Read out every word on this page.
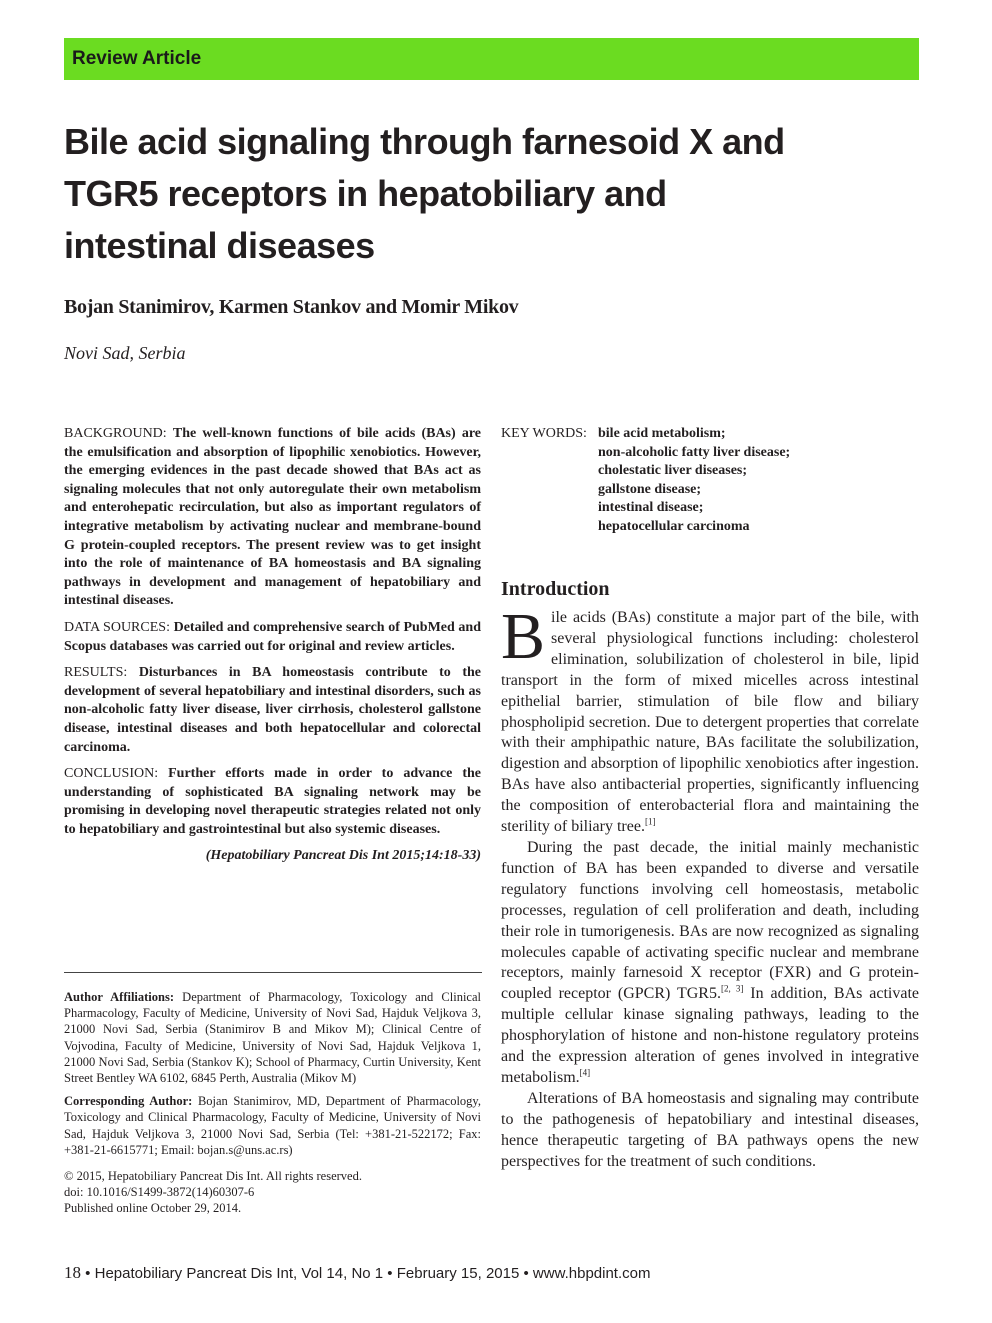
Review Article
Bile acid signaling through farnesoid X and
TGR5 receptors in hepatobiliary and
intestinal diseases
Bojan Stanimirov, Karmen Stankov and Momir Mikov
Novi Sad, Serbia

BACKGROUND: The well-known functions of bile acids (BAs) are the emulsification and absorption of lipophilic xenobiotics. However, the emerging evidences in the past decade showed that BAs act as signaling molecules that not only autoregulate their own metabolism and enterohepatic recirculation, but also as important regulators of integrative metabolism by activating nuclear and membrane-bound G protein-coupled receptors. The present review was to get insight into the role of maintenance of BA homeostasis and BA signaling pathways in development and management of hepatobiliary and intestinal diseases.

DATA SOURCES: Detailed and comprehensive search of PubMed and Scopus databases was carried out for original and review articles.

RESULTS: Disturbances in BA homeostasis contribute to the development of several hepatobiliary and intestinal disorders, such as non-alcoholic fatty liver disease, liver cirrhosis, cholesterol gallstone disease, intestinal diseases and both hepatocellular and colorectal carcinoma.

CONCLUSION: Further efforts made in order to advance the understanding of sophisticated BA signaling network may be promising in developing novel therapeutic strategies related not only to hepatobiliary and gastrointestinal but also systemic diseases.

(Hepatobiliary Pancreat Dis Int 2015;14:18-33)

Author Affiliations: Department of Pharmacology, Toxicology and Clinical Pharmacology, Faculty of Medicine, University of Novi Sad, Hajduk Veljkova 3, 21000 Novi Sad, Serbia (Stanimirov B and Mikov M); Clinical Centre of Vojvodina, Faculty of Medicine, University of Novi Sad, Hajduk Veljkova 1, 21000 Novi Sad, Serbia (Stankov K); School of Pharmacy, Curtin University, Kent Street Bentley WA 6102, 6845 Perth, Australia (Mikov M)

Corresponding Author: Bojan Stanimirov, MD, Department of Pharmacology, Toxicology and Clinical Pharmacology, Faculty of Medicine, University of Novi Sad, Hajduk Veljkova 3, 21000 Novi Sad, Serbia (Tel: +381-21-522172; Fax: +381-21-6615771; Email: bojan.s@uns.ac.rs)

© 2015, Hepatobiliary Pancreat Dis Int. All rights reserved.
doi: 10.1016/S1499-3872(14)60307-6
Published online October 29, 2014.
KEY WORDS: bile acid metabolism;
non-alcoholic fatty liver disease;
cholestatic liver diseases;
gallstone disease;
intestinal disease;
hepatocellular carcinoma
Introduction

Bile acids (BAs) constitute a major part of the bile, with several physiological functions including: cholesterol elimination, solubilization of cholesterol in bile, lipid transport in the form of mixed micelles across intestinal epithelial barrier, stimulation of bile flow and biliary phospholipid secretion. Due to detergent properties that correlate with their amphipathic nature, BAs facilitate the solubilization, digestion and absorption of lipophilic xenobiotics after ingestion. BAs have also antibacterial properties, significantly influencing the composition of enterobacterial flora and maintaining the sterility of biliary tree.[1]

During the past decade, the initial mainly mechanistic function of BA has been expanded to diverse and versatile regulatory functions involving cell homeostasis, metabolic processes, regulation of cell proliferation and death, including their role in tumorigenesis. BAs are now recognized as signaling molecules capable of activating specific nuclear and membrane receptors, mainly farnesoid X receptor (FXR) and G protein-coupled receptor (GPCR) TGR5.[2, 3] In addition, BAs activate multiple cellular kinase signaling pathways, leading to the phosphorylation of histone and non-histone regulatory proteins and the expression alteration of genes involved in integrative metabolism.[4]

Alterations of BA homeostasis and signaling may contribute to the pathogenesis of hepatobiliary and intestinal diseases, hence therapeutic targeting of BA pathways opens the new perspectives for the treatment of such conditions.

18 • Hepatobiliary Pancreat Dis Int, Vol 14, No 1 • February 15, 2015 • www.hbpdint.com
